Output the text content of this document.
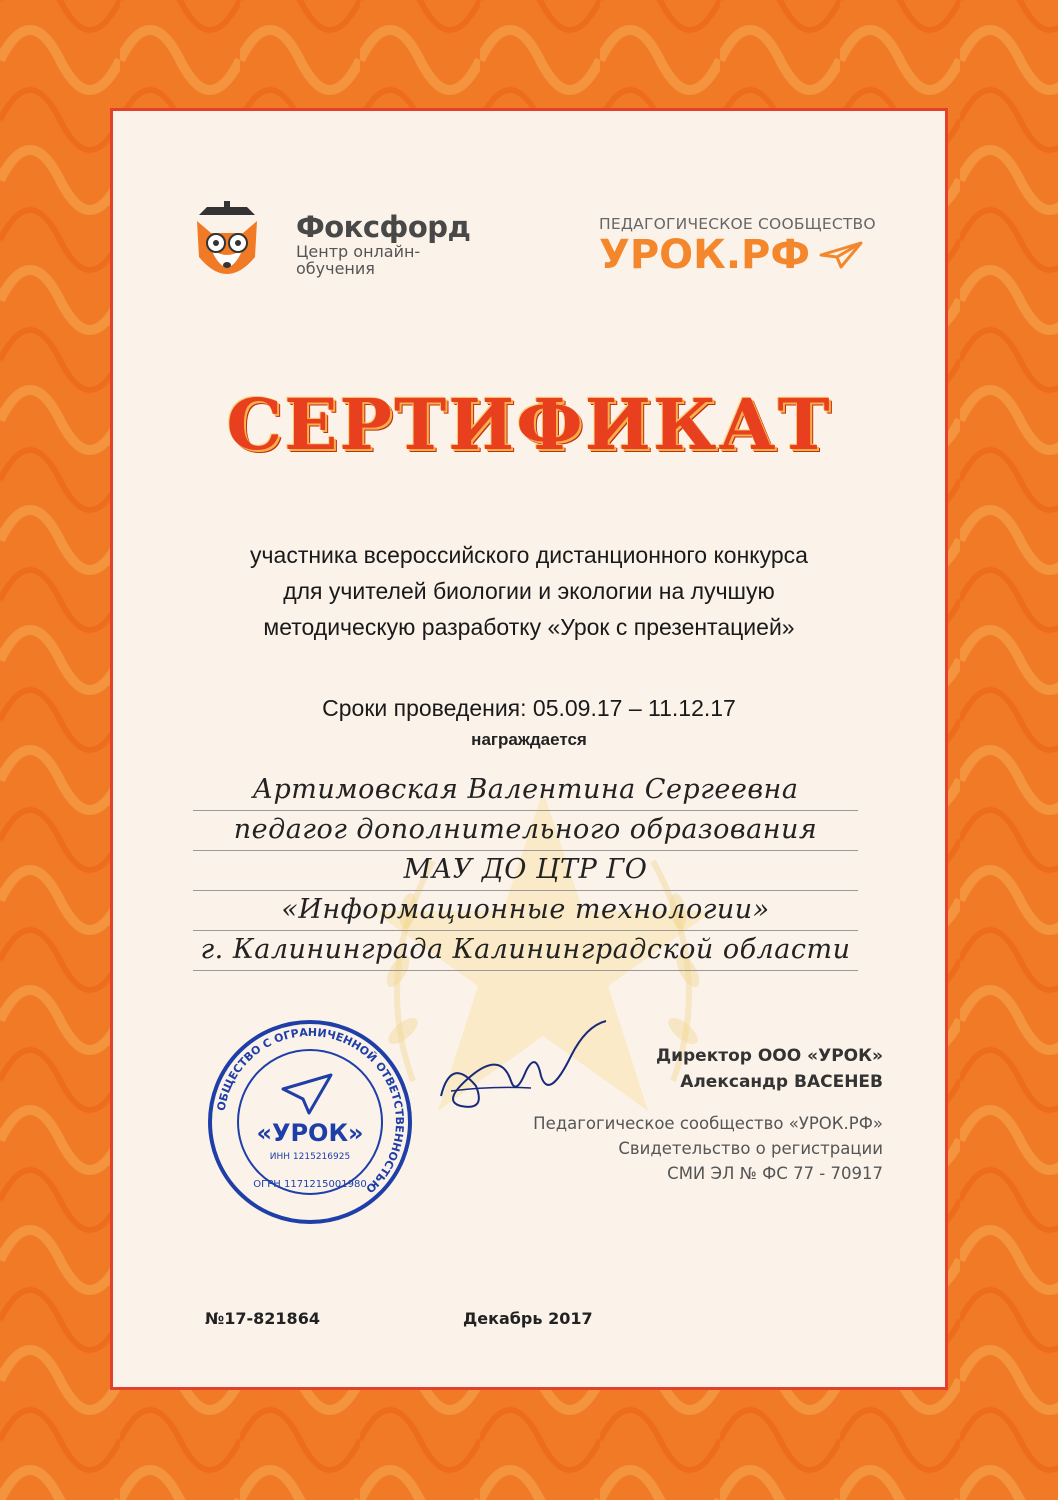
Фоксфорд
Центр онлайн-обучения
ПЕДАГОГИЧЕСКОЕ СООБЩЕСТВО
УРОК.РФ
СЕРТИФИКАТ
участника всероссийского дистанционного конкурса
для учителей биологии и экологии на лучшую
методическую разработку «Урок с презентацией»
Сроки проведения: 05.09.17 – 11.12.17
награждается
Артимовская Валентина Сергеевна
педагог дополнительного образования
МАУ ДО ЦТР ГО
«Информационные технологии»
г. Калининграда Калининградской области
ОБЩЕСТВО С ОГРАНИЧЕННОЙ ОТВЕТСТВЕННОСТЬЮ
«УРОК»
ИНН 1215216925
ОГРН 1171215001980
Директор ООО «УРОК»
Александр ВАСЕНЕВ
Педагогическое сообщество «УРОК.РФ»
Свидетельство о регистрации
СМИ ЭЛ № ФС 77 - 70917
№17-821864	Декабрь 2017
